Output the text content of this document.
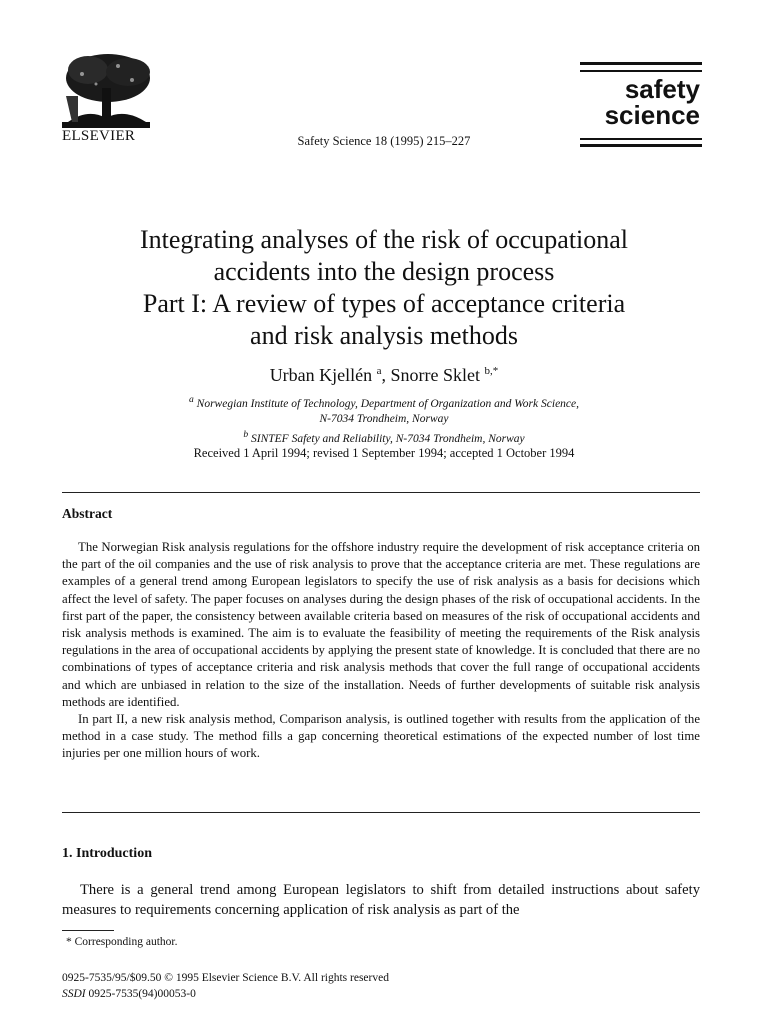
ELSEVIER	Safety Science 18 (1995) 215–227
safety
science
Integrating analyses of the risk of occupational
accidents into the design process
Part I: A review of types of acceptance criteria
and risk analysis methods
Urban Kjellén $^a$, Snorre Sklet $^{b,*}$
$^a$ Norwegian Institute of Technology, Department of Organization and Work Science,
N-7034 Trondheim, Norway
$^b$ SINTEF Safety and Reliability, N-7034 Trondheim, Norway
Received 1 April 1994; revised 1 September 1994; accepted 1 October 1994
Abstract

The Norwegian Risk analysis regulations for the offshore industry require the development of risk acceptance criteria on the part of the oil companies and the use of risk analysis to prove that the acceptance criteria are met. These regulations are examples of a general trend among European legislators to specify the use of risk analysis as a basis for decisions which affect the level of safety. The paper focuses on analyses during the design phases of the risk of occupational accidents. In the first part of the paper, the consistency between available criteria based on measures of the risk of occupational accidents and risk analysis methods is examined. The aim is to evaluate the feasibility of meeting the requirements of the Risk analysis regulations in the area of occupational accidents by applying the present state of knowledge. It is concluded that there are no combinations of types of acceptance criteria and risk analysis methods that cover the full range of occupational accidents and which are unbiased in relation to the size of the installation. Needs of further developments of suitable risk analysis methods are identified.

In part II, a new risk analysis method, Comparison analysis, is outlined together with results from the application of the method in a case study. The method fills a gap concerning theoretical estimations of the expected number of lost time injuries per one million hours of work.

1. Introduction

There is a general trend among European legislators to shift from detailed instructions about safety measures to requirements concerning application of risk analysis as part of the

* Corresponding author.
0925-7535/95/$09.50 © 1995 Elsevier Science B.V. All rights reserved
SSDI 0925-7535(94)00053-0
